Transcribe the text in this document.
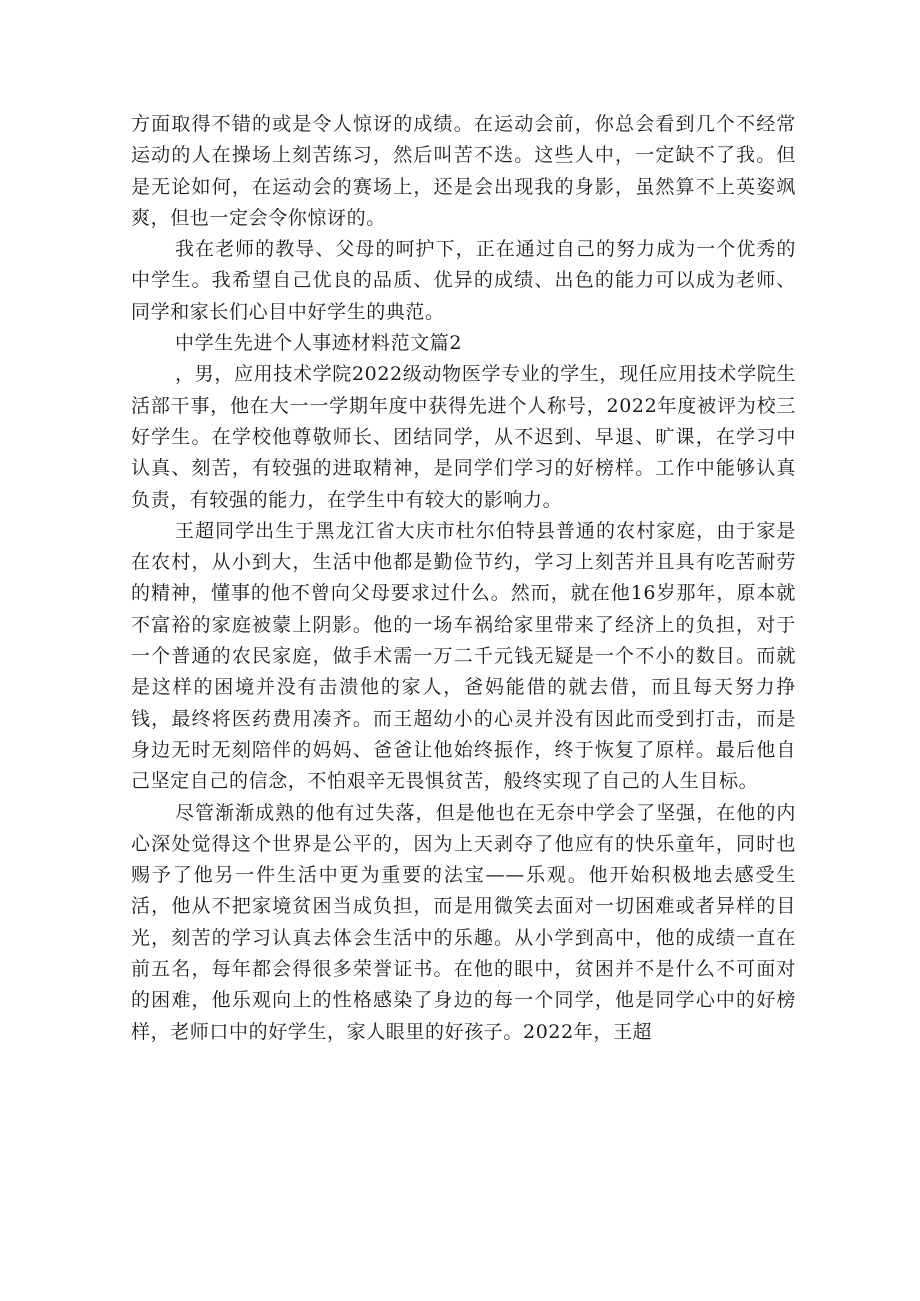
方面取得不错的或是令人惊讶的成绩。在运动会前，你总会看到几个不经常运动的人在操场上刻苦练习，然后叫苦不迭。这些人中，一定缺不了我。但是无论如何，在运动会的赛场上，还是会出现我的身影，虽然算不上英姿飒爽，但也一定会令你惊讶的。

我在老师的教导、父母的呵护下，正在通过自己的努力成为一个优秀的中学生。我希望自己优良的品质、优异的成绩、出色的能力可以成为老师、同学和家长们心目中好学生的典范。

中学生先进个人事迹材料范文篇2

，男，应用技术学院2022级动物医学专业的学生，现任应用技术学院生活部干事，他在大一一学期年度中获得先进个人称号，2022年度被评为校三好学生。在学校他尊敬师长、团结同学，从不迟到、早退、旷课，在学习中认真、刻苦，有较强的进取精神，是同学们学习的好榜样。工作中能够认真负责，有较强的能力，在学生中有较大的影响力。

王超同学出生于黑龙江省大庆市杜尔伯特县普通的农村家庭，由于家是在农村，从小到大，生活中他都是勤俭节约，学习上刻苦并且具有吃苦耐劳的精神，懂事的他不曾向父母要求过什么。然而，就在他16岁那年，原本就不富裕的家庭被蒙上阴影。他的一场车祸给家里带来了经济上的负担，对于一个普通的农民家庭，做手术需一万二千元钱无疑是一个不小的数目。而就是这样的困境并没有击溃他的家人，爸妈能借的就去借，而且每天努力挣钱，最终将医药费用凑齐。而王超幼小的心灵并没有因此而受到打击，而是身边无时无刻陪伴的妈妈、爸爸让他始终振作，终于恢复了原样。最后他自己坚定自己的信念，不怕艰辛无畏惧贫苦，般终实现了自己的人生目标。

尽管渐渐成熟的他有过失落，但是他也在无奈中学会了坚强，在他的内心深处觉得这个世界是公平的，因为上天剥夺了他应有的快乐童年，同时也赐予了他另一件生活中更为重要的法宝——乐观。他开始积极地去感受生活，他从不把家境贫困当成负担，而是用微笑去面对一切困难或者异样的目光，刻苦的学习认真去体会生活中的乐趣。从小学到高中，他的成绩一直在前五名，每年都会得很多荣誉证书。在他的眼中，贫困并不是什么不可面对的困难，他乐观向上的性格感染了身边的每一个同学，他是同学心中的好榜样，老师口中的好学生，家人眼里的好孩子。2022年，王超
